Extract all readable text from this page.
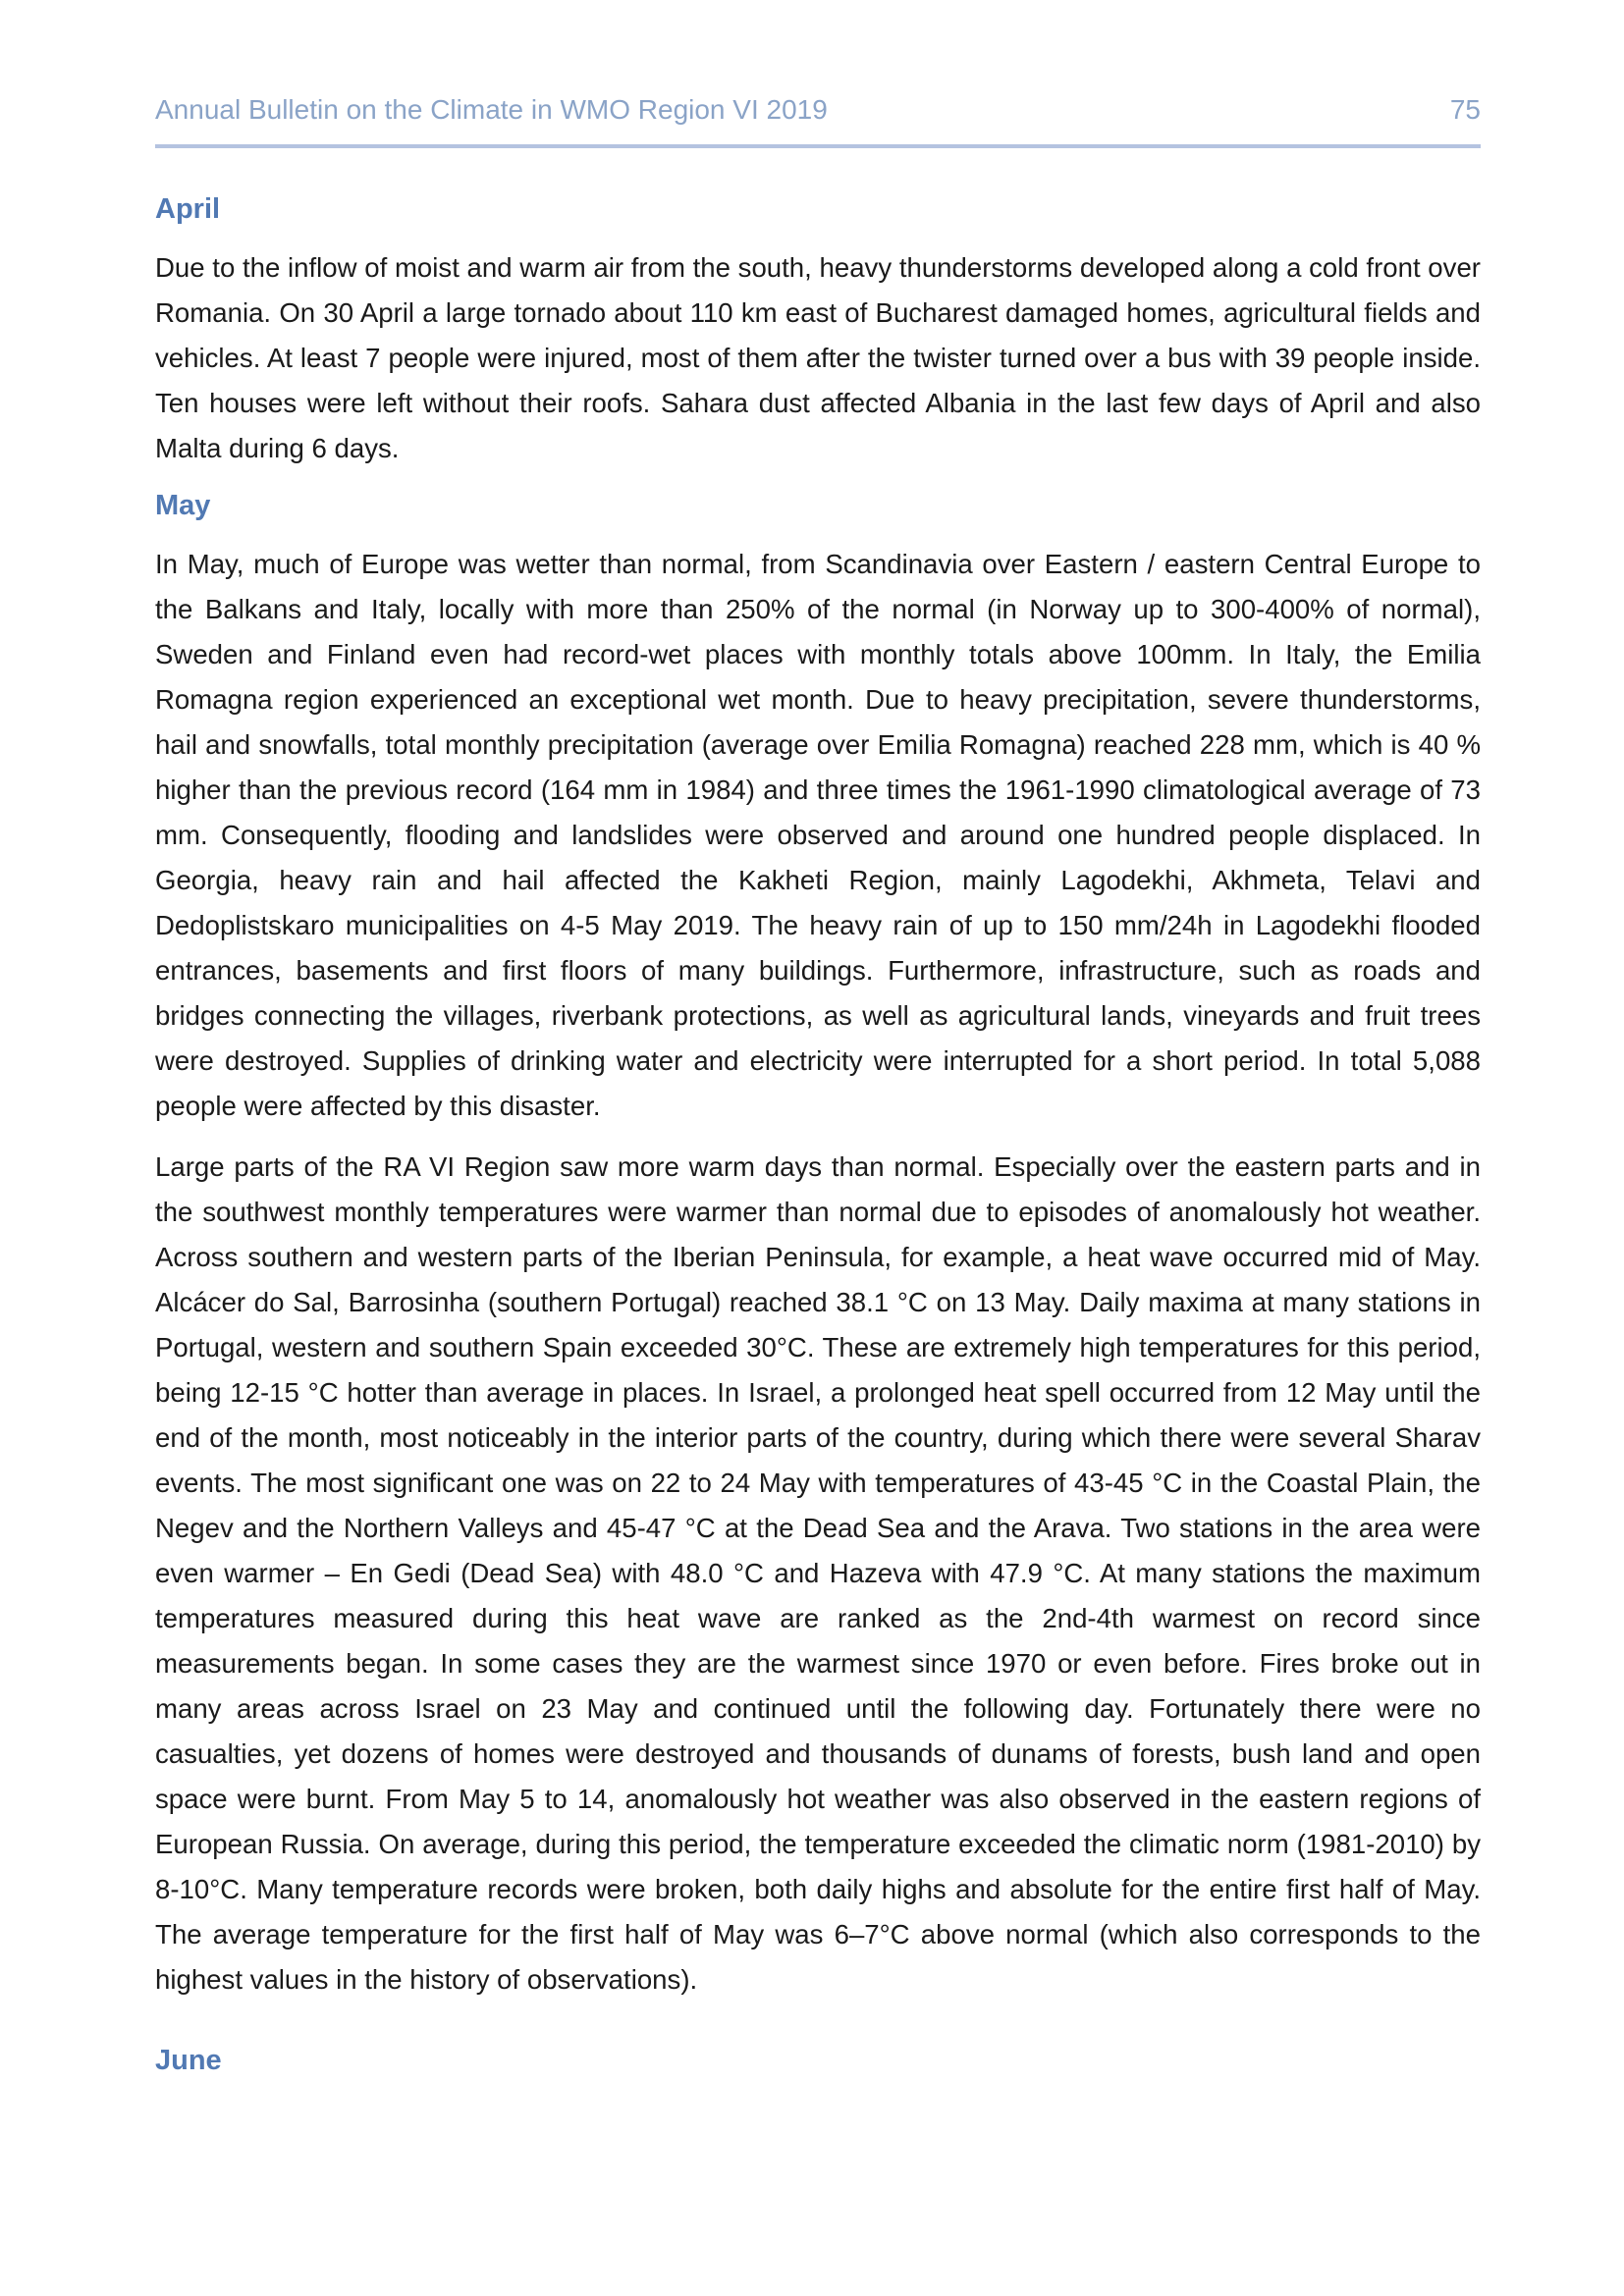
Annual Bulletin on the Climate in WMO Region VI 2019	75
April

Due to the inflow of moist and warm air from the south, heavy thunderstorms developed along a cold front over Romania. On 30 April a large tornado about 110 km east of Bucharest damaged homes, agricultural fields and vehicles. At least 7 people were injured, most of them after the twister turned over a bus with 39 people inside. Ten houses were left without their roofs. Sahara dust affected Albania in the last few days of April and also Malta during 6 days.

May

In May, much of Europe was wetter than normal, from Scandinavia over Eastern / eastern Central Europe to the Balkans and Italy, locally with more than 250% of the normal (in Norway up to 300-400% of normal), Sweden and Finland even had record-wet places with monthly totals above 100mm. In Italy, the Emilia Romagna region experienced an exceptional wet month. Due to heavy precipitation, severe thunderstorms, hail and snowfalls, total monthly precipitation (average over Emilia Romagna) reached 228 mm, which is 40 % higher than the previous record (164 mm in 1984) and three times the 1961-1990 climatological average of 73 mm. Consequently, flooding and landslides were observed and around one hundred people displaced. In Georgia, heavy rain and hail affected the Kakheti Region, mainly Lagodekhi, Akhmeta, Telavi and Dedoplistskaro municipalities on 4-5 May 2019. The heavy rain of up to 150 mm/24h in Lagodekhi flooded entrances, basements and first floors of many buildings. Furthermore, infrastructure, such as roads and bridges connecting the villages, riverbank protections, as well as agricultural lands, vineyards and fruit trees were destroyed. Supplies of drinking water and electricity were interrupted for a short period. In total 5,088 people were affected by this disaster.

Large parts of the RA VI Region saw more warm days than normal. Especially over the eastern parts and in the southwest monthly temperatures were warmer than normal due to episodes of anomalously hot weather. Across southern and western parts of the Iberian Peninsula, for example, a heat wave occurred mid of May. Alcácer do Sal, Barrosinha (southern Portugal) reached 38.1 °C on 13 May. Daily maxima at many stations in Portugal, western and southern Spain exceeded 30°C. These are extremely high temperatures for this period, being 12-15 °C hotter than average in places. In Israel, a prolonged heat spell occurred from 12 May until the end of the month, most noticeably in the interior parts of the country, during which there were several Sharav events. The most significant one was on 22 to 24 May with temperatures of 43-45 °C in the Coastal Plain, the Negev and the Northern Valleys and 45-47 °C at the Dead Sea and the Arava. Two stations in the area were even warmer – En Gedi (Dead Sea) with 48.0 °C and Hazeva with 47.9 °C. At many stations the maximum temperatures measured during this heat wave are ranked as the 2nd-4th warmest on record since measurements began. In some cases they are the warmest since 1970 or even before. Fires broke out in many areas across Israel on 23 May and continued until the following day. Fortunately there were no casualties, yet dozens of homes were destroyed and thousands of dunams of forests, bush land and open space were burnt. From May 5 to 14, anomalously hot weather was also observed in the eastern regions of European Russia. On average, during this period, the temperature exceeded the climatic norm (1981-2010) by 8-10°C. Many temperature records were broken, both daily highs and absolute for the entire first half of May. The average temperature for the first half of May was 6–7°C above normal (which also corresponds to the highest values in the history of observations).

June
